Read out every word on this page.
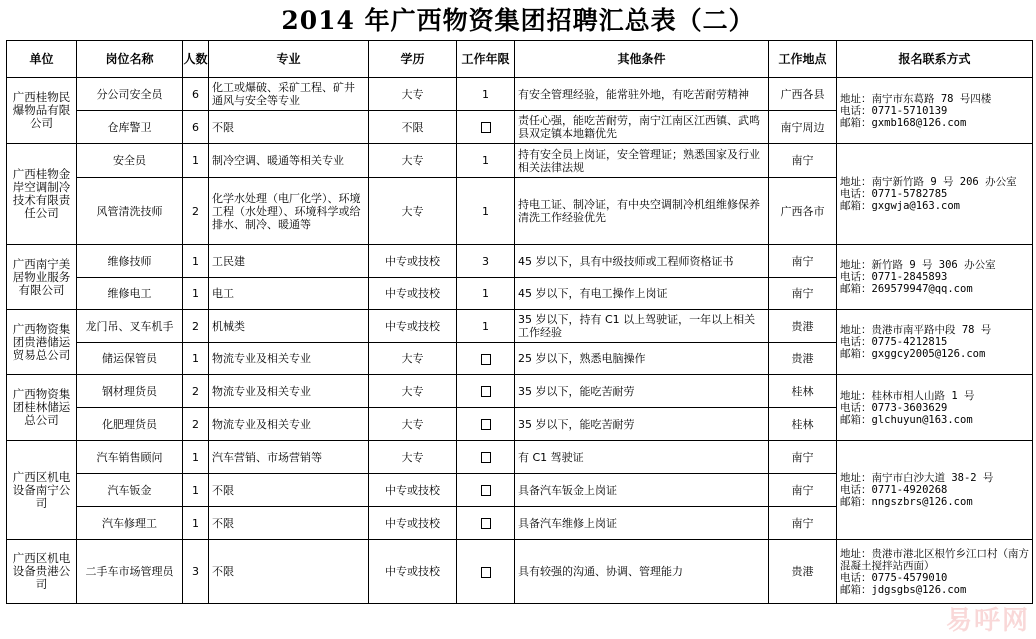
2014 年广西物资集团招聘汇总表（二）
单位	岗位名称	人数	专业	学历	工作年限	其他条件	工作地点	报名联系方式
广西桂物民爆物品有限公司	分公司安全员	6	化工或爆破、采矿工程、矿井通风与安全等专业	大专	1	有安全管理经验，能常驻外地，有吃苦耐劳精神	广西各县	地址：南宁市东葛路 78 号四楼
电话：0771-5710139
邮箱：gxmb168@126.com

	仓库警卫	6	不限	不限		责任心强，能吃苦耐劳，南宁江南区江西镇、武鸣县双定镇本地籍优先	南宁周边	
广西桂物金岸空调制冷技术有限责任公司	安全员	1	制冷空调、暖通等相关专业	大专	1	持有安全员上岗证，安全管理证；熟悉国家及行业相关法律法规	南宁	地址：南宁新竹路 9 号 206 办公室
电话：0771-5782785
邮箱：gxgwja@163.com

	风管清洗技师	2	化学水处理（电厂化学）、环境工程（水处理）、环境科学或给排水、制冷、暖通等	大专	1	持电工证、制冷证，有中央空调制冷机组维修保养清洗工作经验优先	广西各市	
广西南宁美居物业服务有限公司	维修技师	1	工民建	中专或技校	3	45 岁以下，具有中级技师或工程师资格证书	南宁	地址：新竹路 9 号 306 办公室
电话：0771-2845893
邮箱：269579947@qq.com

	维修电工	1	电工	中专或技校	1	45 岁以下，有电工操作上岗证	南宁	
广西物资集团贵港储运贸易总公司	龙门吊、叉车机手	2	机械类	中专或技校	1	35 岁以下，持有 C1 以上驾驶证，一年以上相关工作经验	贵港	地址：贵港市南平路中段 78 号
电话：0775-4212815
邮箱：gxggcy2005@126.com

	储运保管员	1	物流专业及相关专业	大专		25 岁以下，熟悉电脑操作	贵港	
广西物资集团桂林储运总公司	钢材理货员	2	物流专业及相关专业	大专		35 岁以下，能吃苦耐劳	桂林	地址：桂林市相人山路 1 号
电话：0773-3603629
邮箱：glchuyun@163.com

	化肥理货员	2	物流专业及相关专业	大专		35 岁以下，能吃苦耐劳	桂林	
广西区机电设备南宁公司	汽车销售顾问	1	汽车营销、市场营销等	大专		有 C1 驾驶证	南宁	地址：南宁市白沙大道 38-2 号
电话：0771-4920268
邮箱：nngszbrs@126.com

	汽车钣金	1	不限	中专或技校		具备汽车钣金上岗证	南宁	
	汽车修理工	1	不限	中专或技校		具备汽车维修上岗证	南宁	
广西区机电设备贵港公司	二手车市场管理员	3	不限	中专或技校		具有较强的沟通、协调、管理能力	贵港	地址：贵港市港北区根竹乡江口村（南方混凝土搅拌站西面）
电话：0775-4579010
邮箱：jdgsgbs@126.com
易呼网
